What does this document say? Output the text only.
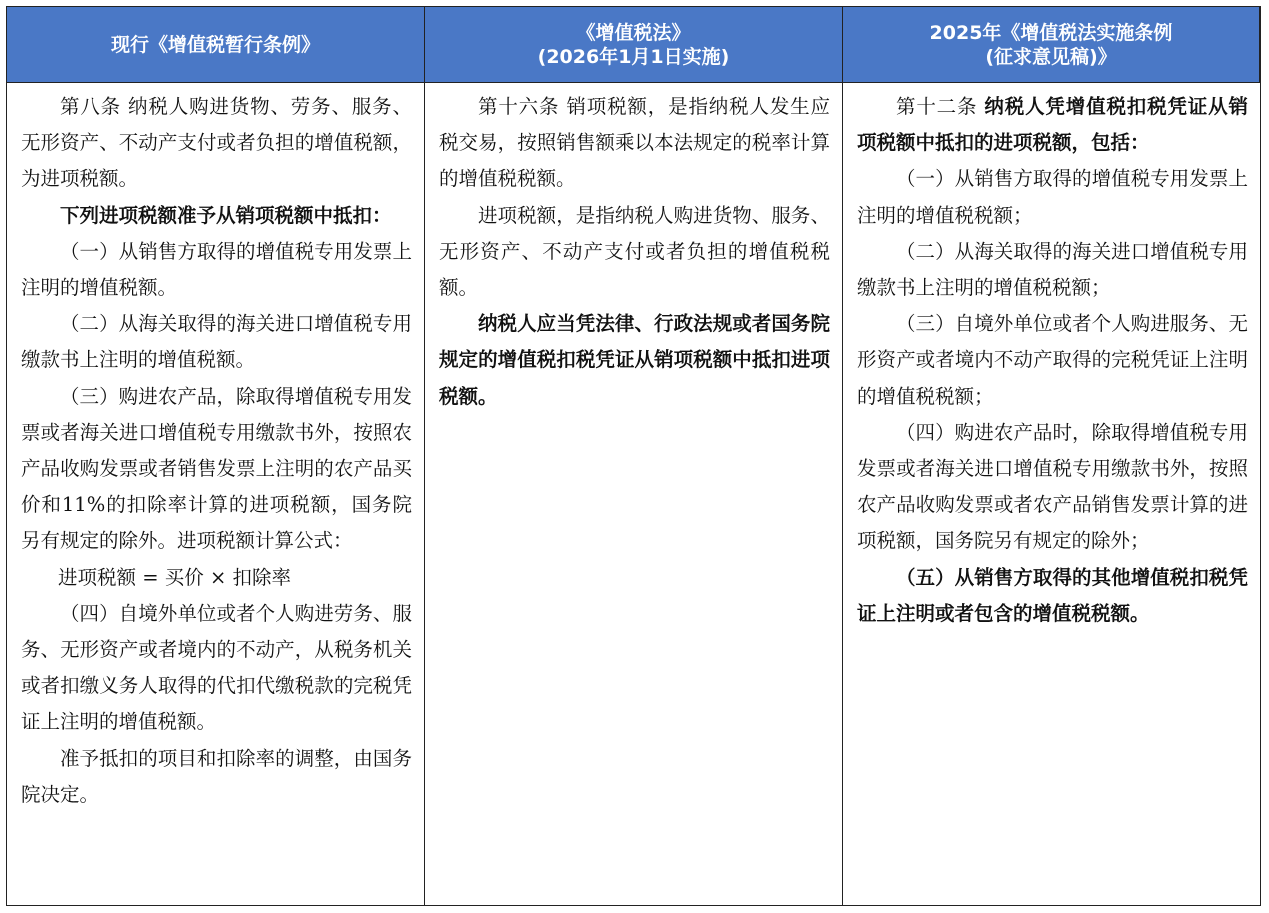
现行《增值税暂行条例》
《增值税法》
(2026年1月1日实施)
2025年《增值税法实施条例
(征求意见稿)》

第八条 纳税人购进货物、劳务、服务、无形资产、不动产支付或者负担的增值税额，为进项税额。

下列进项税额准予从销项税额中抵扣：

（一）从销售方取得的增值税专用发票上注明的增值税额。

（二）从海关取得的海关进口增值税专用缴款书上注明的增值税额。

（三）购进农产品，除取得增值税专用发票或者海关进口增值税专用缴款书外，按照农产品收购发票或者销售发票上注明的农产品买价和11%的扣除率计算的进项税额，国务院另有规定的除外。进项税额计算公式：

进项税额 = 买价 × 扣除率

（四）自境外单位或者个人购进劳务、服务、无形资产或者境内的不动产，从税务机关或者扣缴义务人取得的代扣代缴税款的完税凭证上注明的增值税额。

准予抵扣的项目和扣除率的调整，由国务院决定。

第十六条 销项税额，是指纳税人发生应税交易，按照销售额乘以本法规定的税率计算的增值税税额。

进项税额，是指纳税人购进货物、服务、无形资产、不动产支付或者负担的增值税税额。

纳税人应当凭法律、行政法规或者国务院规定的增值税扣税凭证从销项税额中抵扣进项税额。

第十二条 纳税人凭增值税扣税凭证从销项税额中抵扣的进项税额，包括：

（一）从销售方取得的增值税专用发票上注明的增值税税额；

（二）从海关取得的海关进口增值税专用缴款书上注明的增值税税额；

（三）自境外单位或者个人购进服务、无形资产或者境内不动产取得的完税凭证上注明的增值税税额；

（四）购进农产品时，除取得增值税专用发票或者海关进口增值税专用缴款书外，按照农产品收购发票或者农产品销售发票计算的进项税额，国务院另有规定的除外；

（五）从销售方取得的其他增值税扣税凭证上注明或者包含的增值税税额。
